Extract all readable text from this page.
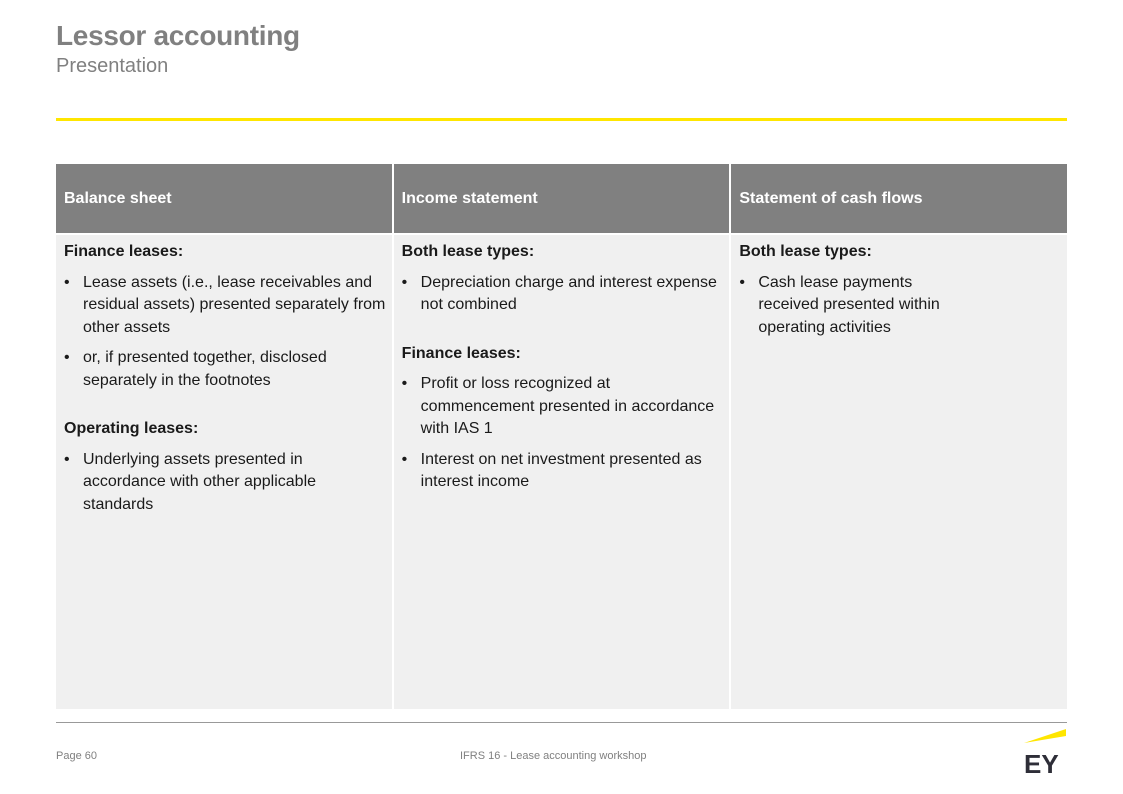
Lessor accounting
Presentation
Balance sheet
Finance leases:
• Lease assets (i.e., lease receivables and residual assets) presented separately from other assets
• or, if presented together, disclosed separately in the footnotes
Operating leases:
• Underlying assets presented in accordance with other applicable standards
Income statement
Both lease types:
• Depreciation charge and interest expense not combined
Finance leases:
• Profit or loss recognized at commencement presented in accordance with IAS 1
• Interest on net investment presented as interest income
Statement of cash flows
Both lease types:
• Cash lease payments received presented within operating activities
Page 60	IFRS 16 - Lease accounting workshop	EY
